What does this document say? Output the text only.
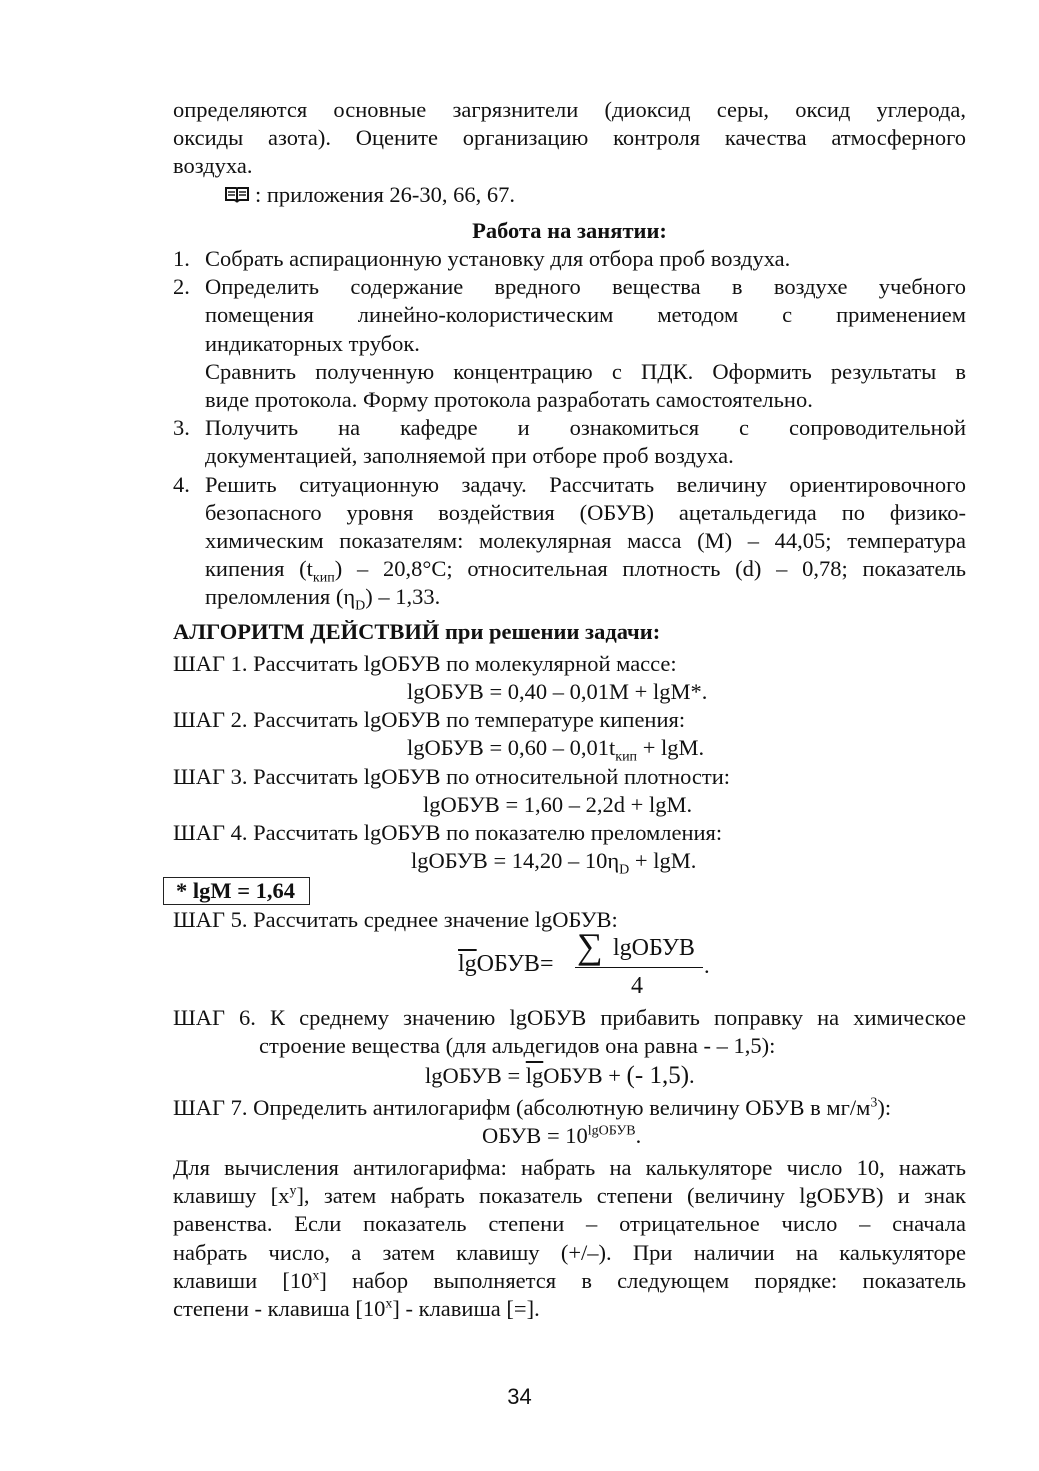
определяются основные загрязнители (диоксид серы, оксид углерода,
оксиды азота). Оцените организацию контроля качества атмосферного
воздуха.
: приложения 26-30, 66, 67.
Работа на занятии:
1. Собрать аспирационную установку для отбора проб воздуха.

2. Определить содержание вредного вещества в воздухе учебного

помещения линейно-колористическим методом с применением

индикаторных трубок.

Сравнить полученную концентрацию с ПДК. Оформить результаты в

виде протокола. Форму протокола разработать самостоятельно.

3. Получить на кафедре и ознакомиться с сопроводительной

документацией, заполняемой при отборе проб воздуха.

4. Решить ситуационную задачу. Рассчитать величину ориентировочного

безопасного уровня воздействия (ОБУВ) ацетальдегида по физико-

химическим показателям: молекулярная масса (М) – 44,05; температура

кипения $(t_{кип}) - 20,8^\circ С$; относительная плотность (d) – 0,78; показатель

преломления $(\eta_D) - 1,33$.

АЛГОРИТМ ДЕЙСТВИЙ при решении задачи:
ШАГ 1. Рассчитать lgОБУВ по молекулярной массе:
lgОБУВ = 0,40 – 0,01М + lgМ*.
ШАГ 2. Рассчитать lgОБУВ по температуре кипения:
lgОБУВ = $0,60 - 0,01t_{кип} + \lg М$.
ШАГ 3. Рассчитать lgОБУВ по относительной плотности:
lgОБУВ = 1,60 – 2,2d + lgМ.
ШАГ 4. Рассчитать lgОБУВ по показателю преломления:
lgОБУВ = $14,20 - 10\eta_D + \lg М$.
* lgM = 1,64
ШАГ 5. Рассчитать среднее значение lgОБУВ:
$\overline{lg}ОБУВ=$ ∑ lgОБУВ
4
.
ШАГ 6. К среднему значению lgОБУВ прибавить поправку на химическое
строение вещества (для альдегидов она равна - – 1,5):
lgОБУВ = $\overline{lg}ОБУВ$ + (- 1,5).
ШАГ 7. Определить антилогарифм (абсолютную величину ОБУВ в $мг/м^3$):
ОБУВ = $10^{lgОБУВ}$.
Для вычисления антилогарифма: набрать на калькуляторе число 10, нажать
клавишу $[x^y]$, затем набрать показатель степени (величину lgОБУВ) и знак
равенства. Если показатель степени – отрицательное число – сначала
набрать число, а затем клавишу (+/–). При наличии на калькуляторе
клавиши [10$^x$] набор выполняется в следующем порядке: показатель
степени - клавиша [10$^x$] - клавиша [=].
34
